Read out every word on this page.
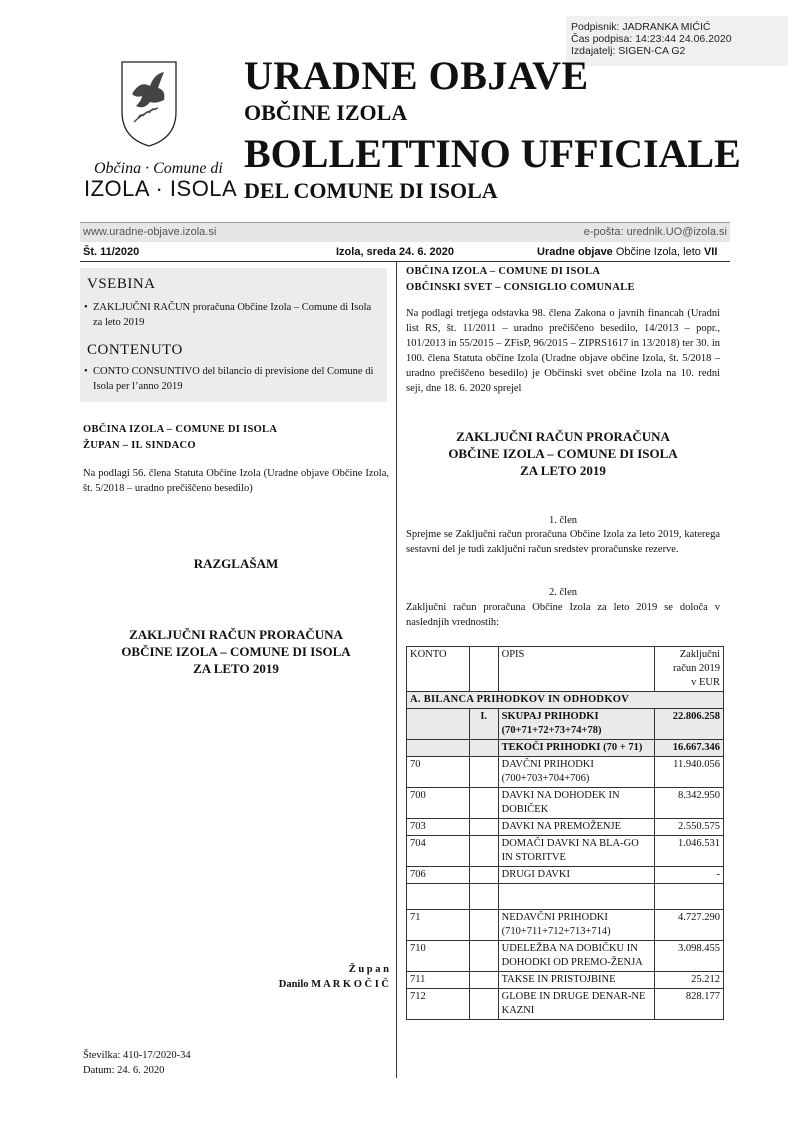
Podpisnik: JADRANKA MIĆIĆ
Čas podpisa: 14:23:44 24.06.2020
Izdajatelj: SIGEN-CA G2
Občina · Comune di
IZOLA · ISOLA
URADNE OBJAVE
OBČINE IZOLA
BOLLETTINO UFFICIALE
DEL COMUNE DI ISOLA
www.uradne-objave.izola.si	e-pošta: urednik.UO@izola.si
Št. 11/2020	Izola, sreda 24. 6. 2020	Uradne objave Občine Izola, leto VII
VSEBINA
• ZAKLJUČNI RAČUN proračuna Občine Izola – Comune di Isola za leto 2019
CONTENUTO
• CONTO CONSUNTIVO del bilancio di previsione del Comune di Isola per l’anno 2019
OBČINA IZOLA – COMUNE DI ISOLA
ŽUPAN – IL SINDACO
Na podlagi 56. člena Statuta Občine Izola (Uradne objave Občine Izola, št. 5/2018 – uradno prečiščeno besedilo)
RAZGLAŠAM
ZAKLJUČNI RAČUN PRORAČUNA
OBČINE IZOLA – COMUNE DI ISOLA
ZA LETO 2019
Ž u p a n
Danilo M A R K O Č I Č
Številka: 410-17/2020-34
Datum: 24. 6. 2020
OBČINA IZOLA – COMUNE DI ISOLA
OBČINSKI SVET – CONSIGLIO COMUNALE
Na podlagi tretjega odstavka 98. člena Zakona o javnih financah (Uradni list RS, št. 11/2011 – uradno prečiščeno besedilo, 14/2013 – popr., 101/2013 in 55/2015 – ZFisP, 96/2015 – ZIPRS1617 in 13/2018) ter 30. in 100. člena Statuta občine Izola (Uradne objave občine Izola, št. 5/2018 – uradno prečiščeno besedilo) je Občinski svet občine Izola na 10. redni seji, dne 18. 6. 2020 sprejel
ZAKLJUČNI RAČUN PRORAČUNA
OBČINE IZOLA – COMUNE DI ISOLA
ZA LETO 2019
1. člen
Sprejme se Zaključni račun proračuna Občine Izola za leto 2019, katerega sestavni del je tudi zaključni račun sredstev proračunske rezerve.
2. člen
Zaključni račun proračuna Občine Izola za leto 2019 se določa v naslednjih vrednostih:
KONTO		OPIS	Zaključni
račun 2019
v EUR

A. BILANCA PRIHODKOV IN ODHODKOV			
	I.	SKUPAJ PRIHODKI (70+71+72+73+74+78)	22.806.258
		TEKOČI PRIHODKI (70 + 71)	16.667.346
70		DAVČNI PRIHODKI (700+703+704+706)	11.940.056
700		DAVKI NA DOHODEK IN DOBIČEK	8.342.950
703		DAVKI NA PREMOŽENJE	2.550.575
704		DOMAČI DAVKI NA BLA-GO IN STORITVE	1.046.531
706		DRUGI DAVKI	-

71		NEDAVČNI PRIHODKI (710+711+712+713+714)	4.727.290
710		UDELEŽBA NA DOBIČKU IN DOHODKI OD PREMO-ŽENJA	3.098.455
711		TAKSE IN PRISTOJBINE	25.212
712		GLOBE IN DRUGE DENAR-NE KAZNI	828.177
